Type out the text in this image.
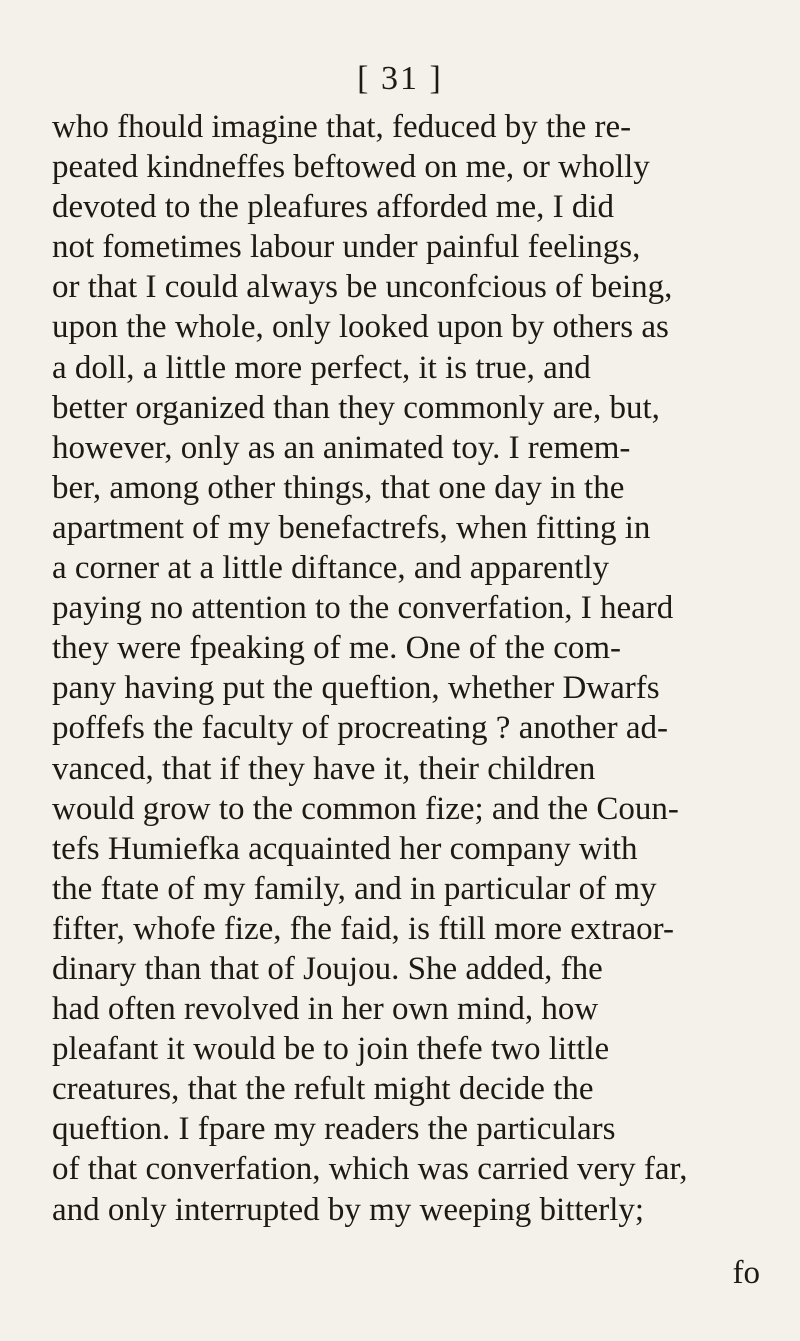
[ 31 ]
who fhould imagine that, feduced by the re-
peated kindneffes beftowed on me, or wholly
devoted to the pleafures afforded me, I did
not fometimes labour under painful feelings,
or that I could always be unconfcious of being,
upon the whole, only looked upon by others as
a doll, a little more perfect, it is true, and
better organized than they commonly are, but,
however, only as an animated toy. I remem-
ber, among other things, that one day in the
apartment of my benefactrefs, when fitting in
a corner at a little diftance, and apparently
paying no attention to the converfation, I heard
they were fpeaking of me. One of the com-
pany having put the queftion, whether Dwarfs
poffefs the faculty of procreating ? another ad-
vanced, that if they have it, their children
would grow to the common fize; and the Coun-
tefs Humiefka acquainted her company with
the ftate of my family, and in particular of my
fifter, whofe fize, fhe faid, is ftill more extraor-
dinary than that of Joujou. She added, fhe
had often revolved in her own mind, how
pleafant it would be to join thefe two little
creatures, that the refult might decide the
queftion. I fpare my readers the particulars
of that converfation, which was carried very far,
and only interrupted by my weeping bitterly;
fo
